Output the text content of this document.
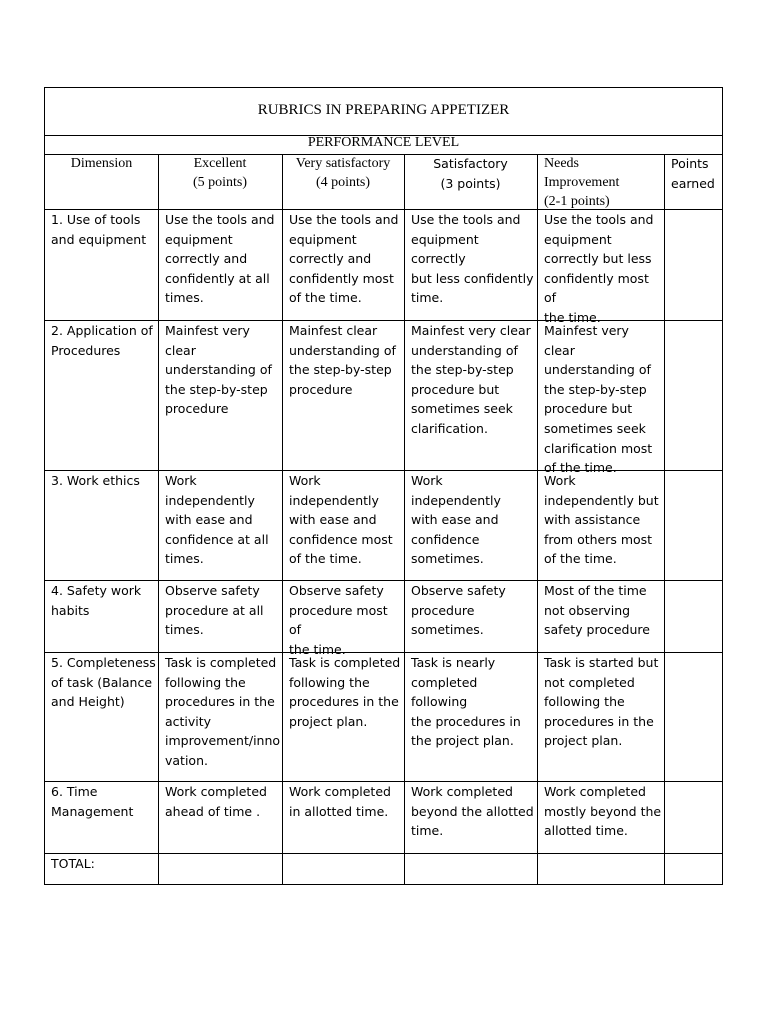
RUBRICS IN PREPARING APPETIZER
PERFORMANCE LEVEL
Dimension	Excellent
(5 points)
Very satisfactory
(4 points)
Satisfactory
(3 points)
Needs
Improvement
(2-1 points)
Points
earned
1. Use of tools
and equipment
Use the tools and
equipment
correctly and
confidently at all
times.
Use the tools and
equipment
correctly and
confidently most
of the time.
Use the tools and
equipment correctly
but less confidently
time.
Use the tools and
equipment
correctly but less
confidently most of
the time.
2. Application of
Procedures
Mainfest very clear
understanding of
the step-by-step
procedure
Mainfest clear
understanding of
the step-by-step
procedure
Mainfest very clear
understanding of
the step-by-step
procedure but
sometimes seek
clarification.
Mainfest very clear
understanding of
the step-by-step
procedure but
sometimes seek
clarification most
of the time.
3. Work ethics	Work
independently
with ease and
confidence at all
times.
Work
independently
with ease and
confidence most
of the time.
Work independently
with ease and
confidence
sometimes.
Work
independently but
with assistance
from others most
of the time.
4. Safety work
habits
Observe safety
procedure at all
times.
Observe safety
procedure most of
the time.
Observe safety
procedure
sometimes.
Most of the time
not observing
safety procedure
5. Completeness
of task (Balance
and Height)
Task is completed
following the
procedures in the
activity
improvement/inno
vation.
Task is completed
following the
procedures in the
project plan.
Task is nearly
completed following
the procedures in
the project plan.
Task is started but
not completed
following the
procedures in the
project plan.
6. Time
Management
Work completed
ahead of time .
Work completed
in allotted time.
Work completed
beyond the allotted
time.
Work completed
mostly beyond the
allotted time.
TOTAL:
